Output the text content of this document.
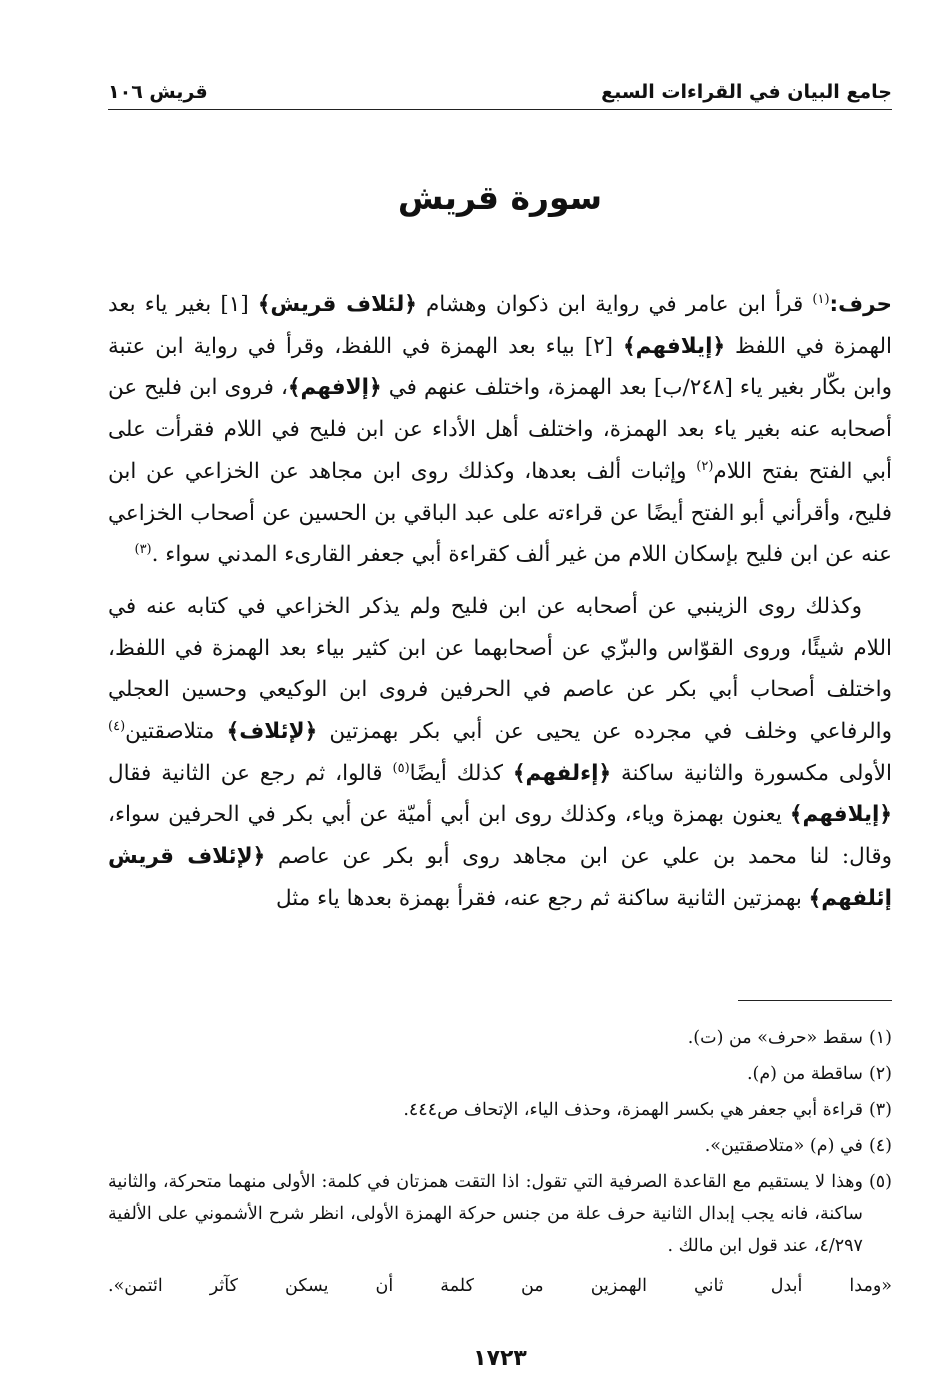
جامع البيان في القراءات السبع
قريش ١٠٦
سورة قريش

حرف:$^{(١)}$ قرأ ابن عامر في رواية ابن ذكوان وهشام ﴿لئلاف قريش﴾ [١] بغير ياء بعد الهمزة في اللفظ ﴿إيلافهم﴾ [٢] بياء بعد الهمزة في اللفظ، وقرأ في رواية ابن عتبة وابن بكّار بغير ياء [٢٤٨/ب] بعد الهمزة، واختلف عنهم في ﴿إلافهم﴾، فروى ابن فليح عن أصحابه عنه بغير ياء بعد الهمزة، واختلف أهل الأداء عن ابن فليح في اللام فقرأت على أبي الفتح بفتح اللام$^{(٢)}$ وإثبات ألف بعدها، وكذلك روى ابن مجاهد عن الخزاعي عن ابن فليح، وأقرأني أبو الفتح أيضًا عن قراءته على عبد الباقي بن الحسين عن أصحاب الخزاعي عنه عن ابن فليح بإسكان اللام من غير ألف كقراءة أبي جعفر القارىء المدني سواء .$^{(٣)}$

وكذلك روى الزينبي عن أصحابه عن ابن فليح ولم يذكر الخزاعي في كتابه عنه في اللام شيئًا، وروى القوّاس والبزّي عن أصحابهما عن ابن كثير بياء بعد الهمزة في اللفظ، واختلف أصحاب أبي بكر عن عاصم في الحرفين فروى ابن الوكيعي وحسين العجلي والرفاعي وخلف في مجرده عن يحيى عن أبي بكر بهمزتين ﴿لإئلاف﴾ متلاصقتين$^{(٤)}$ الأولى مكسورة والثانية ساكنة ﴿إءلفهم﴾ كذلك أيضًا$^{(٥)}$ قالوا، ثم رجع عن الثانية فقال ﴿إيلافهم﴾ يعنون بهمزة وياء، وكذلك روى ابن أبي أميّة عن أبي بكر في الحرفين سواء، وقال: لنا محمد بن علي عن ابن مجاهد روى أبو بكر عن عاصم ﴿لإئلاف قريش إئلفهم﴾ بهمزتين الثانية ساكنة ثم رجع عنه، فقرأ بهمزة بعدها ياء مثل

(١)
سقط «حرف» من (ت).
(٢)
ساقطة من (م).
(٣)
قراءة أبي جعفر هي بكسر الهمزة، وحذف الياء، الإتحاف ص٤٤٤.
(٤)
في (م) «متلاصقتين».
(٥)
وهذا لا يستقيم مع القاعدة الصرفية التي تقول: اذا التقت همزتان في كلمة: الأولى منهما متحركة، والثانية ساكنة، فانه يجب إبدال الثانية حرف علة من جنس حركة الهمزة الأولى، انظر شرح الأشموني على الألفية ٤/٢٩٧، عند قول ابن مالك .
«ومدا أبدل ثاني الهمزين من كلمة أن يسكن كآثر ائتمن».
١٧٢٣
